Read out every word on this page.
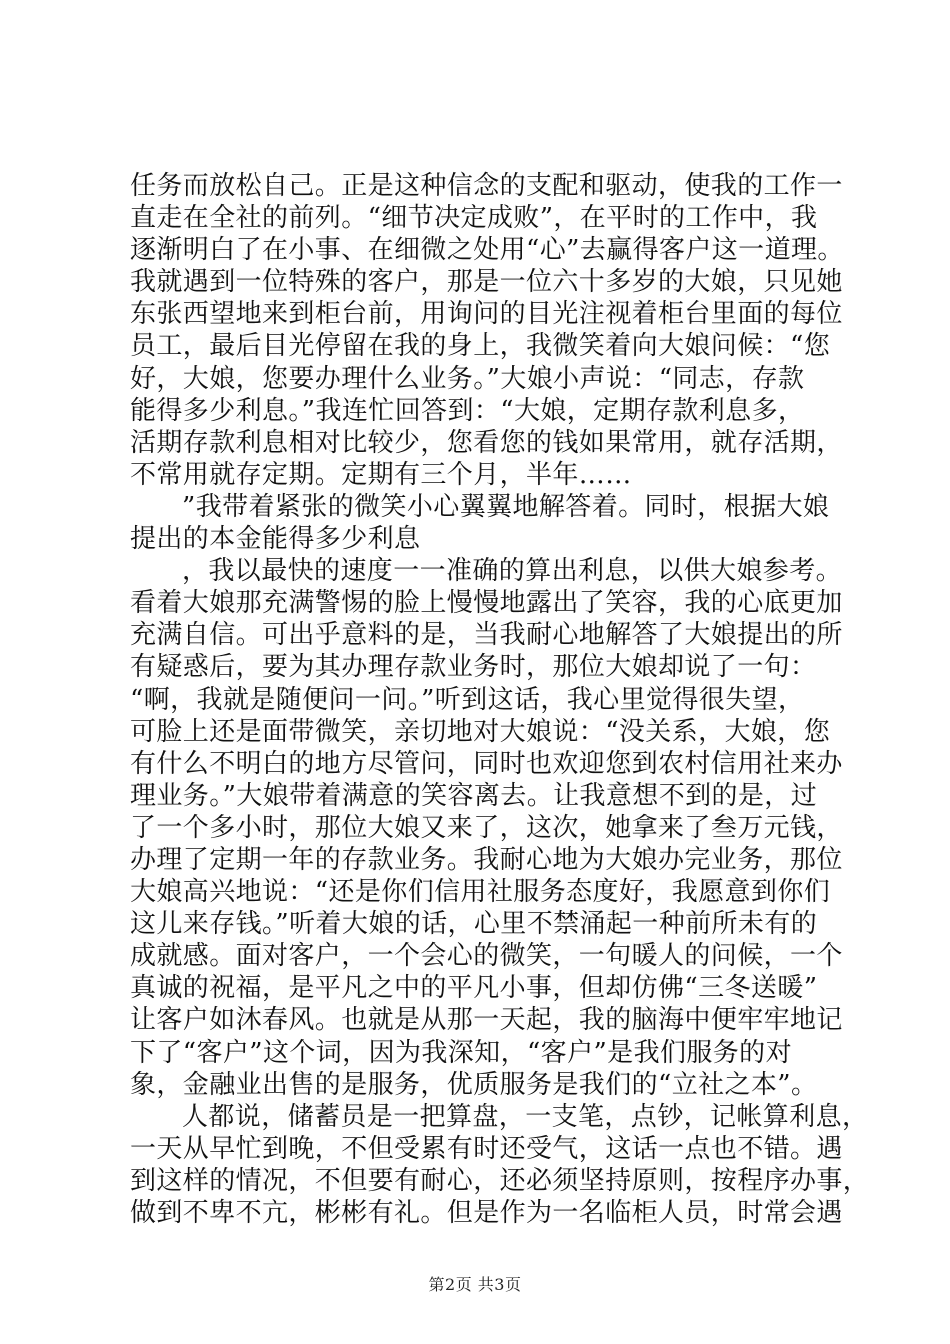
任务而放松自己。正是这种信念的支配和驱动，使我的工作一
直走在全社的前列。“细节决定成败”，在平时的工作中，我
逐渐明白了在小事、在细微之处用“心”去赢得客户这一道理。
我就遇到一位特殊的客户，那是一位六十多岁的大娘，只见她
东张西望地来到柜台前，用询问的目光注视着柜台里面的每位
员工，最后目光停留在我的身上，我微笑着向大娘问候：“您
好，大娘，您要办理什么业务。”大娘小声说：“同志，存款
能得多少利息。”我连忙回答到：“大娘，定期存款利息多，
活期存款利息相对比较少，您看您的钱如果常用，就存活期，
不常用就存定期。定期有三个月，半年……
”我带着紧张的微笑小心翼翼地解答着。同时，根据大娘
提出的本金能得多少利息
，我以最快的速度一一准确的算出利息，以供大娘参考。
看着大娘那充满警惕的脸上慢慢地露出了笑容，我的心底更加
充满自信。可出乎意料的是，当我耐心地解答了大娘提出的所
有疑惑后，要为其办理存款业务时，那位大娘却说了一句：
“啊，我就是随便问一问。”听到这话，我心里觉得很失望，
可脸上还是面带微笑，亲切地对大娘说：“没关系，大娘，您
有什么不明白的地方尽管问，同时也欢迎您到农村信用社来办
理业务。”大娘带着满意的笑容离去。让我意想不到的是，过
了一个多小时，那位大娘又来了，这次，她拿来了叁万元钱，
办理了定期一年的存款业务。我耐心地为大娘办完业务，那位
大娘高兴地说：“还是你们信用社服务态度好，我愿意到你们
这儿来存钱。”听着大娘的话，心里不禁涌起一种前所未有的
成就感。面对客户，一个会心的微笑，一句暖人的问候，一个
真诚的祝福，是平凡之中的平凡小事，但却仿佛“三冬送暖”
让客户如沐春风。也就是从那一天起，我的脑海中便牢牢地记
下了“客户”这个词，因为我深知，“客户”是我们服务的对
象，金融业出售的是服务，优质服务是我们的“立社之本”。
人都说，储蓄员是一把算盘，一支笔，点钞，记帐算利息，
一天从早忙到晚，不但受累有时还受气，这话一点也不错。遇
到这样的情况，不但要有耐心，还必须坚持原则，按程序办事，
做到不卑不亢，彬彬有礼。但是作为一名临柜人员，时常会遇
第2页 共3页
